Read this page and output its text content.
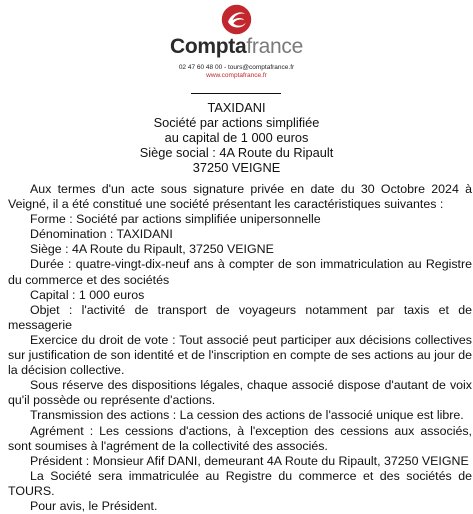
Comptafrance
02 47 60 48 00 - tours@comptafrance.fr
www.comptafrance.fr
TAXIDANI
Société par actions simplifiée
au capital de 1 000 euros
Siège social : 4A Route du Ripault
37250 VEIGNE

Aux termes d'un acte sous signature privée en date du 30 Octobre 2024 à Veigné, il a été constitué une société présentant les caractéristiques suivantes :

Forme : Société par actions simplifiée unipersonnelle

Dénomination : TAXIDANI

Siège : 4A Route du Ripault, 37250 VEIGNE

Durée : quatre-vingt-dix-neuf ans à compter de son immatriculation au Registre du commerce et des sociétés

Capital : 1 000 euros

Objet : l'activité de transport de voyageurs notamment par taxis et de messagerie

Exercice du droit de vote : Tout associé peut participer aux décisions collectives sur justification de son identité et de l'inscription en compte de ses actions au jour de la décision collective.

Sous réserve des dispositions légales, chaque associé dispose d'autant de voix qu'il possède ou représente d'actions.

Transmission des actions : La cession des actions de l'associé unique est libre.

Agrément : Les cessions d'actions, à l'exception des cessions aux associés, sont soumises à l'agrément de la collectivité des associés.

Président : Monsieur Afif DANI, demeurant 4A Route du Ripault, 37250 VEIGNE

La Société sera immatriculée au Registre du commerce et des sociétés de TOURS.

Pour avis, le Président.
